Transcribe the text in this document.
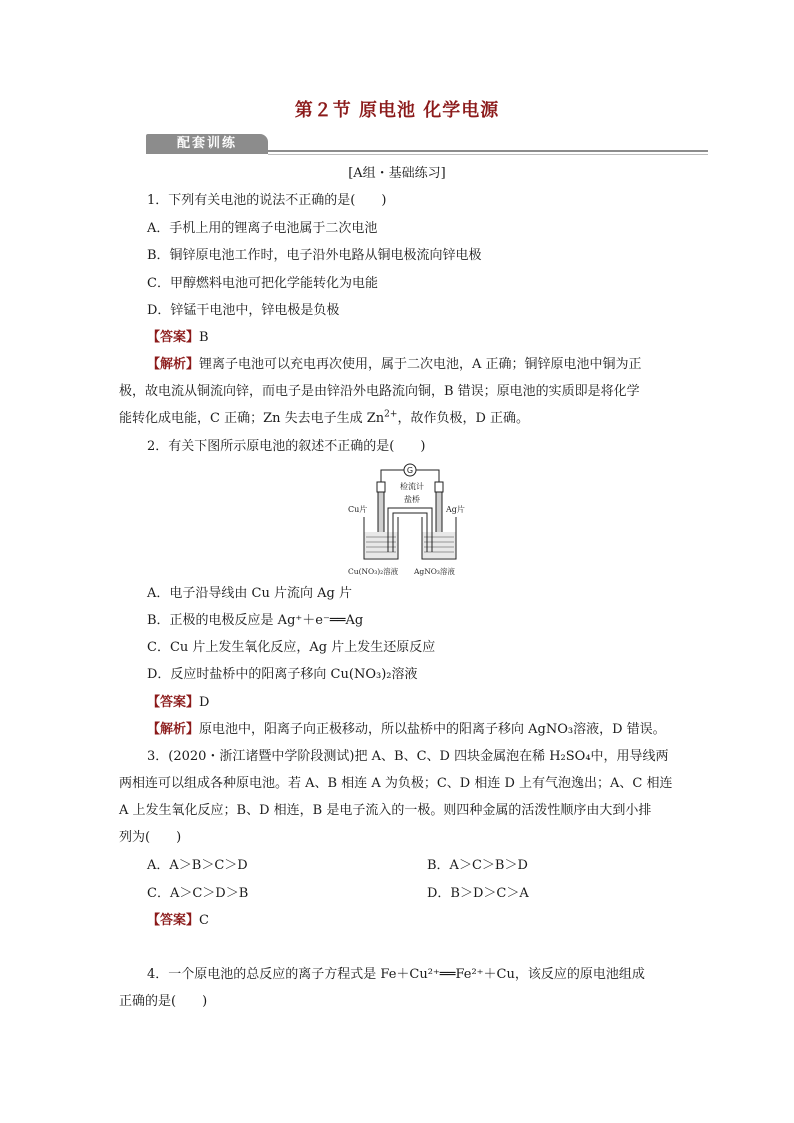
第２节 原电池 化学电源
配套训练
[A组・基础练习]
1．下列有关电池的说法不正确的是(　　)
A．手机上用的锂离子电池属于二次电池
B．铜锌原电池工作时，电子沿外电路从铜电极流向锌电极
C．甲醇燃料电池可把化学能转化为电能
D．锌锰干电池中，锌电极是负极
【答案】B
【解析】锂离子电池可以充电再次使用，属于二次电池，A 正确；铜锌原电池中铜为正
极，故电流从铜流向锌，而电子是由锌沿外电路流向铜，B 错误；原电池的实质即是将化学
能转化成电能，C 正确；Zn 失去电子生成 $Zn^{2+}$，故作负极，D 正确。
2．有关下图所示原电池的叙述不正确的是(　　)
G
检流计
盐桥
Cu片	Ag片
Cu(NO₃)₂溶液 AgNO₃溶液
A．电子沿导线由 Cu 片流向 Ag 片
B．正极的电极反应是 Ag⁺＋e⁻══Ag
C．Cu 片上发生氧化反应，Ag 片上发生还原反应
D．反应时盐桥中的阳离子移向 Cu(NO₃)₂溶液
【答案】D
【解析】原电池中，阳离子向正极移动，所以盐桥中的阳离子移向 AgNO₃溶液，D 错误。
3．(2020・浙江诸暨中学阶段测试)把 A、B、C、D 四块金属泡在稀 H₂SO₄中，用导线两
两相连可以组成各种原电池。若 A、B 相连 A 为负极；C、D 相连 D 上有气泡逸出；A、C 相连
A 上发生氧化反应；B、D 相连，B 是电子流入的一极。则四种金属的活泼性顺序由大到小排
列为(　　)
A．A＞B＞C＞D	B．A＞C＞B＞D
C．A＞C＞D＞B	D．B＞D＞C＞A
【答案】C
4．一个原电池的总反应的离子方程式是 Fe＋Cu²⁺══Fe²⁺＋Cu，该反应的原电池组成
正确的是(　　)
